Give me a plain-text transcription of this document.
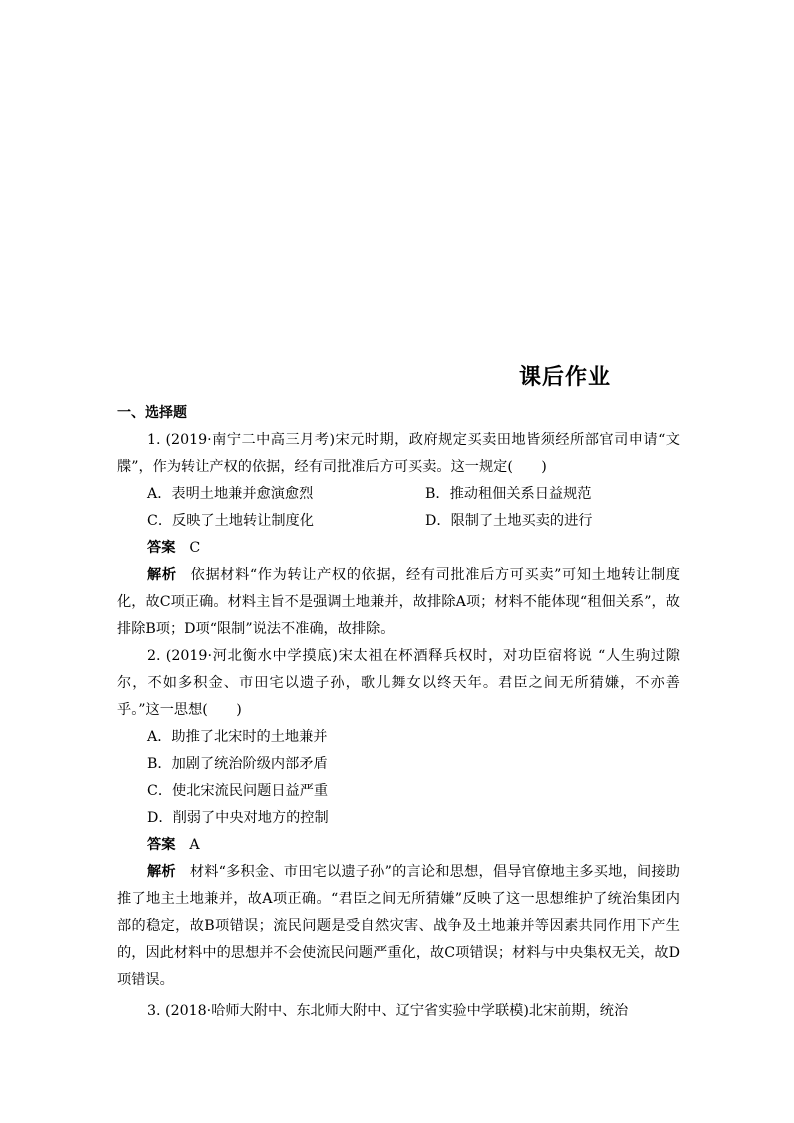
课后作业
一、选择题

1. (2019·南宁二中高三月考)宋元时期，政府规定买卖田地皆须经所部官司申请“文牒”，作为转让产权的依据，经有司批准后方可买卖。这一规定(　　)

A．表明土地兼并愈演愈烈	B．推动租佃关系日益规范
C．反映了土地转让制度化	D．限制了土地买卖的进行
答案 C

解析 依据材料“作为转让产权的依据，经有司批准后方可买卖”可知土地转让制度化，故C项正确。材料主旨不是强调土地兼并，故排除A项；材料不能体现“租佃关系”，故排除B项；D项“限制”说法不准确，故排除。

2. (2019·河北衡水中学摸底)宋太祖在杯酒释兵权时，对功臣宿将说 “人生驹过隙尔，不如多积金、市田宅以遗子孙，歌儿舞女以终天年。君臣之间无所猜嫌，不亦善乎。”这一思想(　　)

A．助推了北宋时的土地兼并
B．加剧了统治阶级内部矛盾
C．使北宋流民问题日益严重
D．削弱了中央对地方的控制
答案 A

解析 材料“多积金、市田宅以遗子孙”的言论和思想，倡导官僚地主多买地，间接助推了地主土地兼并，故A项正确。“君臣之间无所猜嫌”反映了这一思想维护了统治集团内部的稳定，故B项错误；流民问题是受自然灾害、战争及土地兼并等因素共同作用下产生的，因此材料中的思想并不会使流民问题严重化，故C项错误；材料与中央集权无关，故D项错误。

3. (2018·哈师大附中、东北师大附中、辽宁省实验中学联模)北宋前期，统治
